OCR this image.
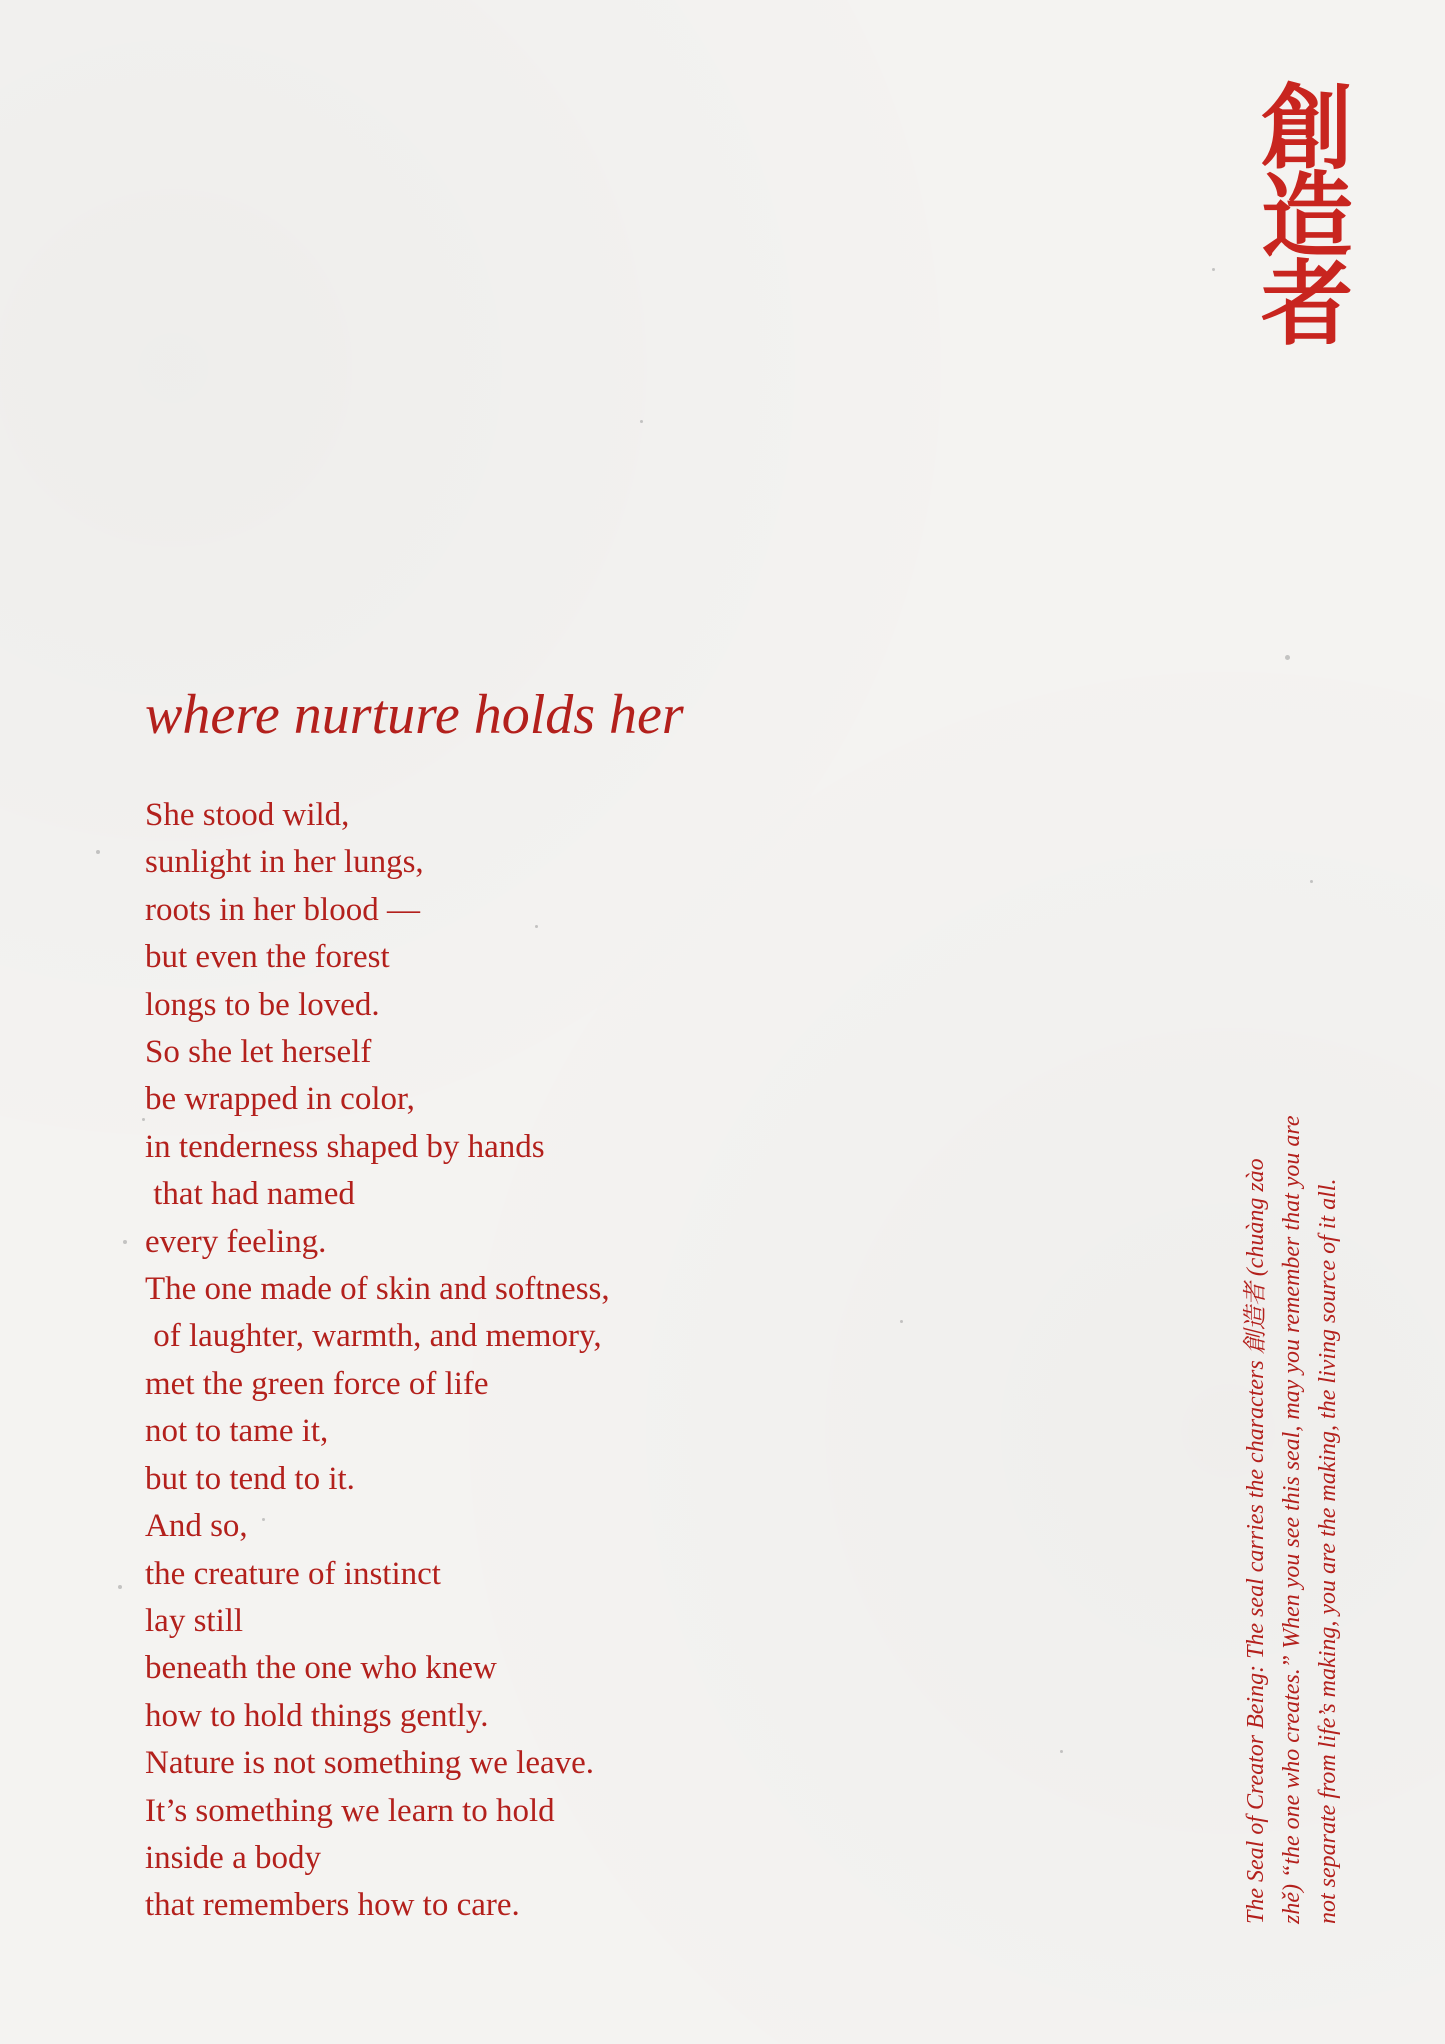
創
造
者
where nurture holds her
She stood wild,
sunlight in her lungs,
roots in her blood —
but even the forest
longs to be loved.
So she let herself
be wrapped in color,
in tenderness shaped by hands
that had named
every feeling.
The one made of skin and softness,
of laughter, warmth, and memory,
met the green force of life
not to tame it,
but to tend to it.
And so,
the creature of instinct
lay still
beneath the one who knew
how to hold things gently.
Nature is not something we leave.
It’s something we learn to hold
inside a body
that remembers how to care.	The Seal of Creator Being: The seal carries the characters 創造者 (chuàng zào zhě) “the one who creates.” When you see this seal, may you remember that you are not separate from life’s making, you are the making, the living source of it all.
